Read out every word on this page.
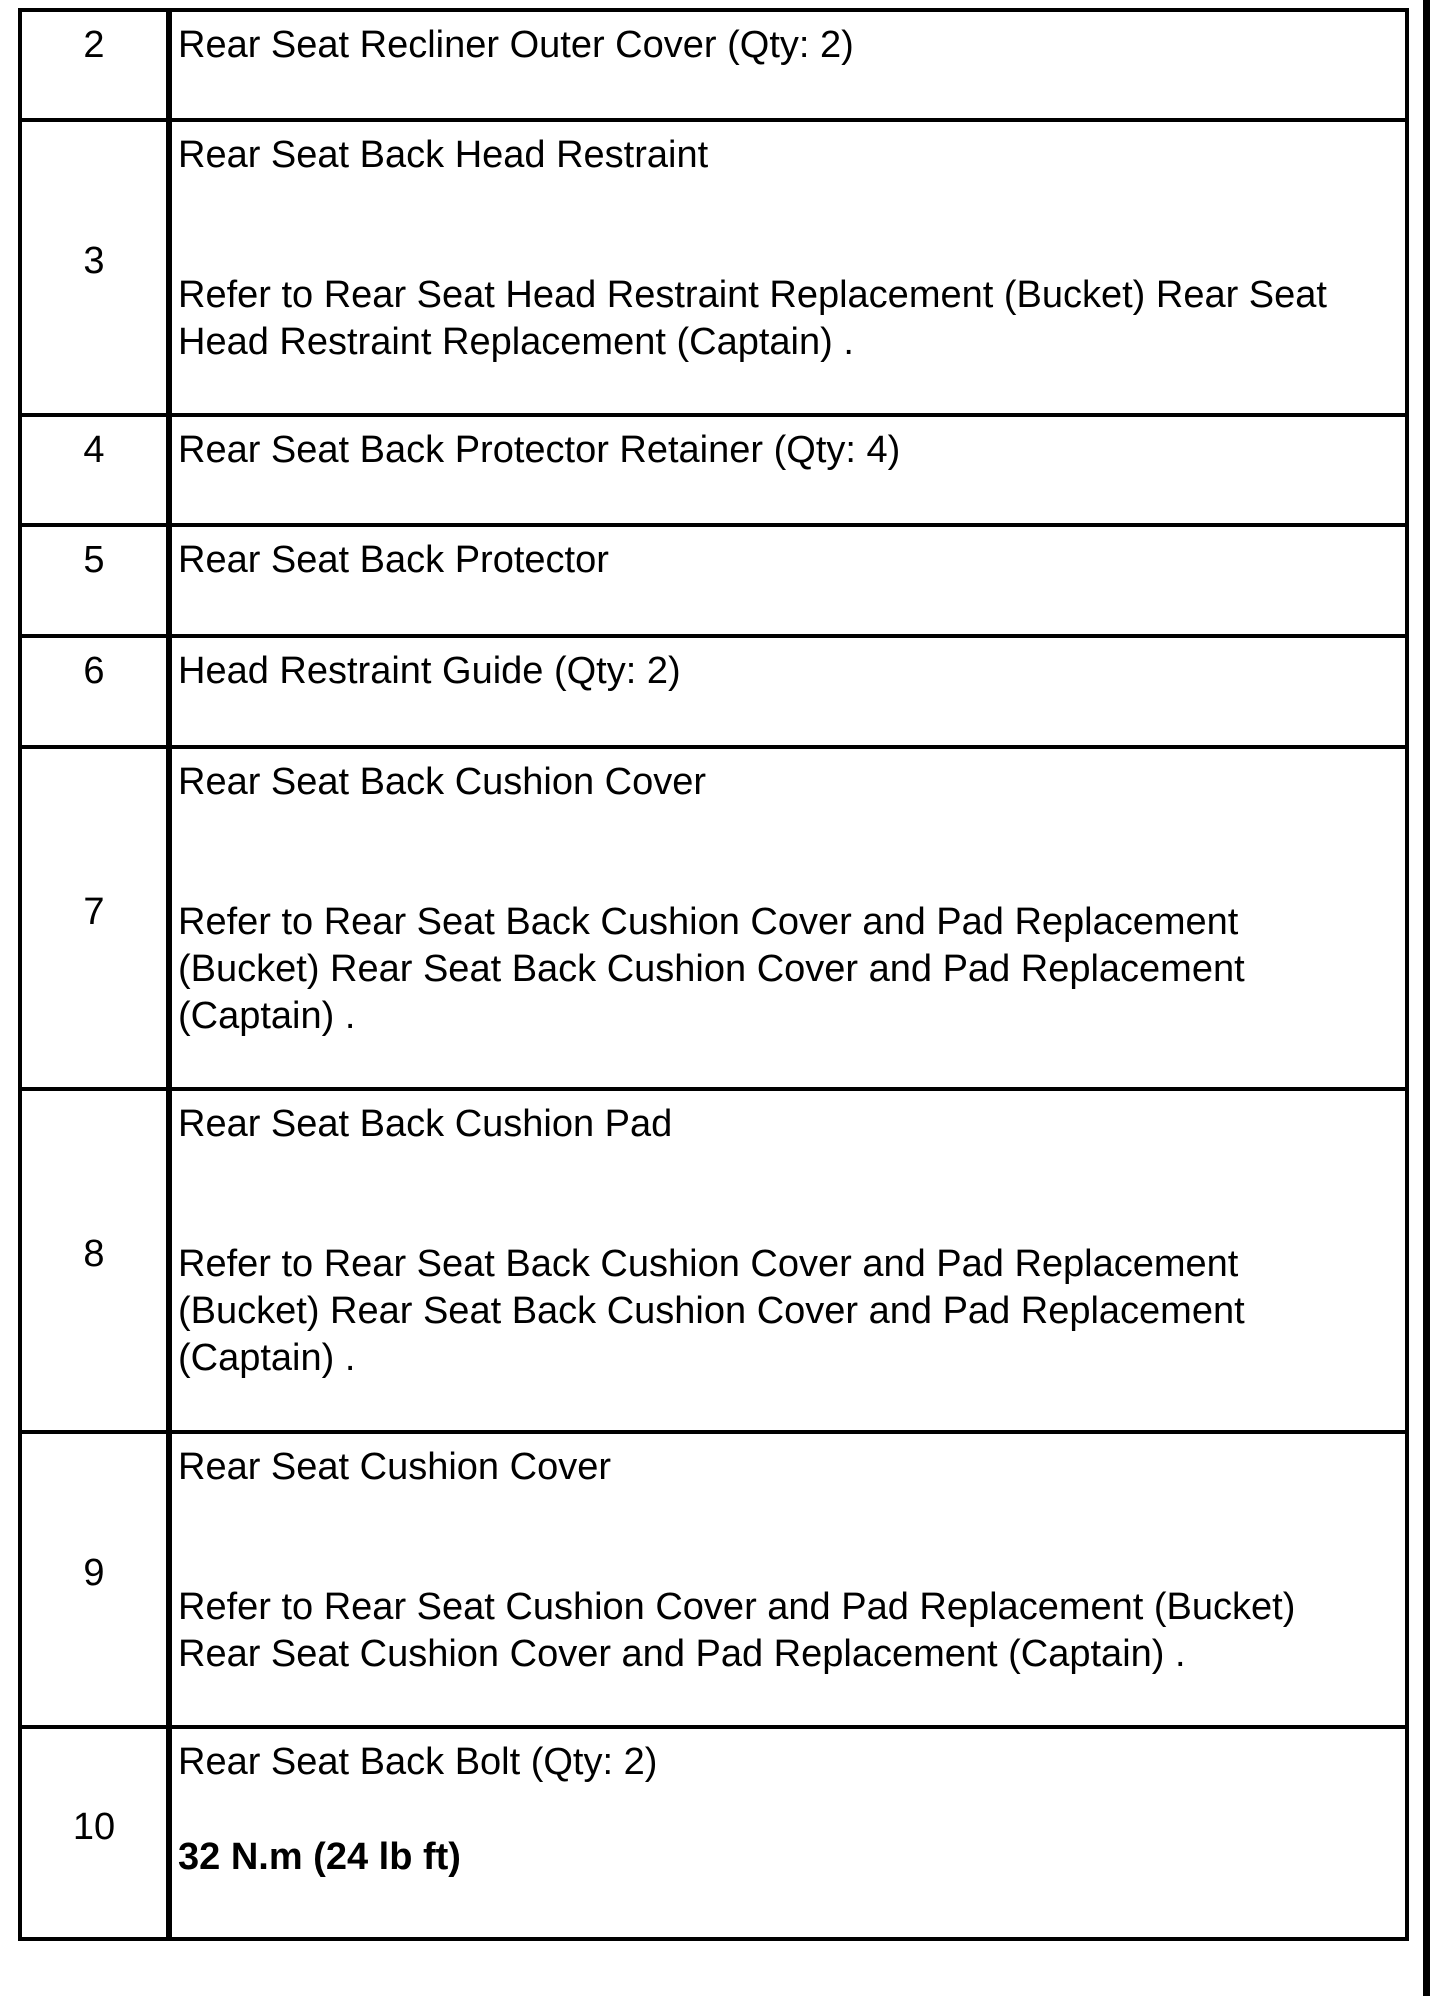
2	Rear Seat Recliner Outer Cover (Qty: 2)

3	Rear Seat Back Head Restraint
Refer to Rear Seat Head Restraint Replacement (Bucket) Rear Seat Head Restraint Replacement (Captain) .

4	Rear Seat Back Protector Retainer (Qty: 4)

5	Rear Seat Back Protector

6	Head Restraint Guide (Qty: 2)

7	Rear Seat Back Cushion Cover
Refer to Rear Seat Back Cushion Cover and Pad Replacement (Bucket) Rear Seat Back Cushion Cover and Pad Replacement (Captain) .

8	Rear Seat Back Cushion Pad
Refer to Rear Seat Back Cushion Cover and Pad Replacement (Bucket) Rear Seat Back Cushion Cover and Pad Replacement (Captain) .

9	Rear Seat Cushion Cover
Refer to Rear Seat Cushion Cover and Pad Replacement (Bucket) Rear Seat Cushion Cover and Pad Replacement (Captain) .

10	Rear Seat Back Bolt (Qty: 2)
32 N.m (24 lb ft)
